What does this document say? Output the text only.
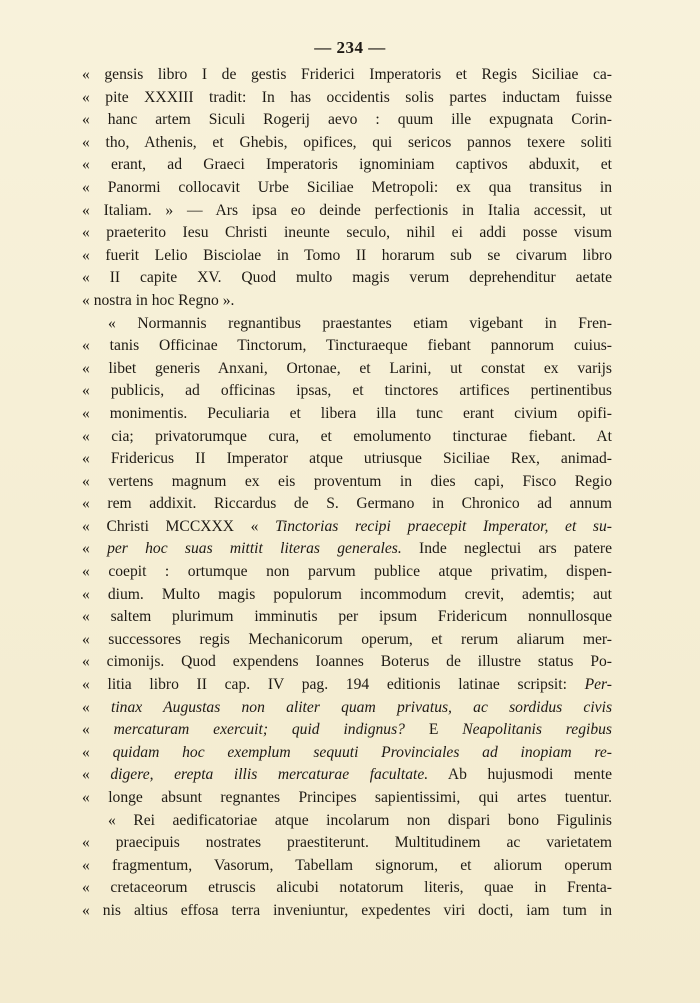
— 234 —
« gensis libro I de gestis Friderici Imperatoris et Regis Siciliae ca-
« pite XXXIII tradit: In has occidentis solis partes inductam fuisse
« hanc artem Siculi Rogerij aevo : quum ille expugnata Corin-
« tho, Athenis, et Ghebis, opifices, qui sericos pannos texere soliti
« erant, ad Graeci Imperatoris ignominiam captivos abduxit, et
« Panormi collocavit Urbe Siciliae Metropoli: ex qua transitus in
« Italiam. » — Ars ipsa eo deinde perfectionis in Italia accessit, ut
« praeterito Iesu Christi ineunte seculo, nihil ei addi posse visum
« fuerit Lelio Bisciolae in Tomo II horarum sub se civarum libro
« II capite XV. Quod multo magis verum deprehenditur aetate
« nostra in hoc Regno ».
« Normannis regnantibus praestantes etiam vigebant in Fren-
« tanis Officinae Tinctorum, Tincturaeque fiebant pannorum cuius-
« libet generis Anxani, Ortonae, et Larini, ut constat ex varijs
« publicis, ad officinas ipsas, et tinctores artifices pertinentibus
« monimentis. Peculiaria et libera illa tunc erant civium opifi-
« cia; privatorumque cura, et emolumento tincturae fiebant. At
« Fridericus II Imperator atque utriusque Siciliae Rex, animad-
« vertens magnum ex eis proventum in dies capi, Fisco Regio
« rem addixit. Riccardus de S. Germano in Chronico ad annum
« Christi MCCXXX « Tinctorias recipi praecepit Imperator, et su-
« per hoc suas mittit literas generales. Inde neglectui ars patere
« coepit : ortumque non parvum publice atque privatim, dispen-
« dium. Multo magis populorum incommodum crevit, ademtis; aut
« saltem plurimum imminutis per ipsum Fridericum nonnullosque
« successores regis Mechanicorum operum, et rerum aliarum mer-
« cimonijs. Quod expendens Ioannes Boterus de illustre status Po-
« litia libro II cap. IV pag. 194 editionis latinae scripsit: Per-
« tinax Augustas non aliter quam privatus, ac sordidus civis
« mercaturam exercuit; quid indignus? E Neapolitanis regibus
« quidam hoc exemplum sequuti Provinciales ad inopiam re-
« digere, erepta illis mercaturae facultate. Ab hujusmodi mente
« longe absunt regnantes Principes sapientissimi, qui artes tuentur.
« Rei aedificatoriae atque incolarum non dispari bono Figulinis
« praecipuis nostrates praestiterunt. Multitudinem ac varietatem
« fragmentum, Vasorum, Tabellam signorum, et aliorum operum
« cretaceorum etruscis alicubi notatorum literis, quae in Frenta-
« nis altius effosa terra inveniuntur, expedentes viri docti, iam tum in
